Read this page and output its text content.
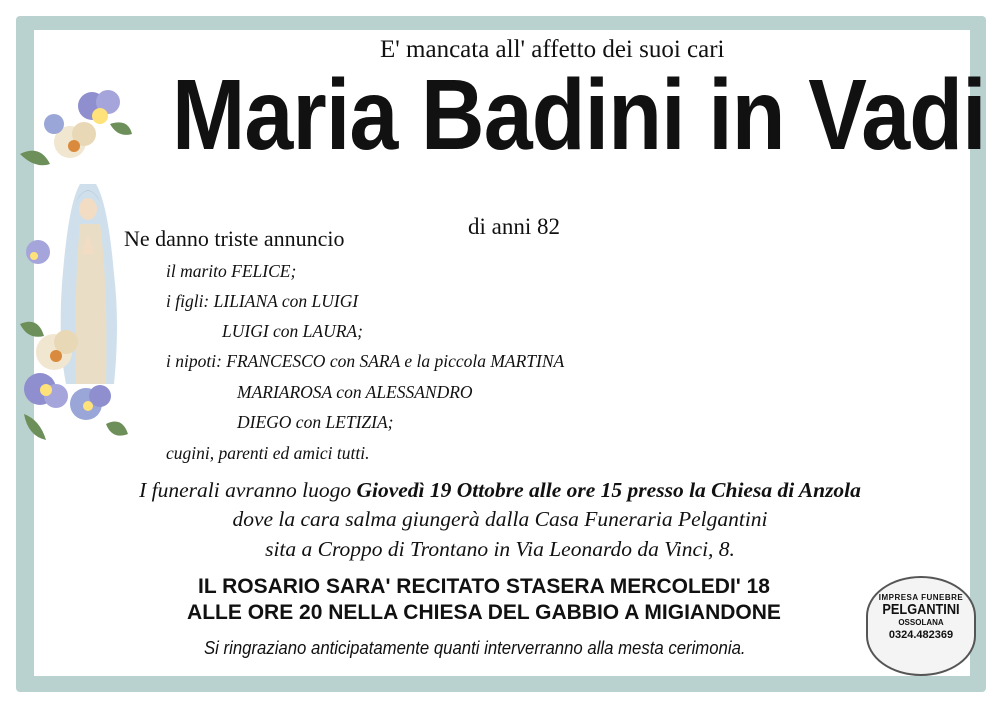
E' mancata all' affetto dei suoi cari
Maria Badini in Vadi
di anni 82
Ne danno triste annuncio
il marito FELICE;
i figli: LILIANA con LUIGI
LUIGI con LAURA;
i nipoti: FRANCESCO con SARA e la piccola MARTINA
MARIAROSA con ALESSANDRO
DIEGO con LETIZIA;
cugini, parenti ed amici tutti.
I funerali avranno luogo Giovedì 19 Ottobre alle ore 15 presso la Chiesa di Anzola
dove la cara salma giungerà dalla Casa Funeraria Pelgantini
sita a Croppo di Trontano in Via Leonardo da Vinci, 8.
IL ROSARIO SARA' RECITATO STASERA MERCOLEDI' 18
ALLE ORE 20 NELLA CHIESA DEL GABBIO A MIGIANDONE
Si ringraziano anticipatamente quanti interverranno alla mesta cerimonia.
IMPRESA FUNEBRE
PELGANTINI
OSSOLANA
0324.482369
